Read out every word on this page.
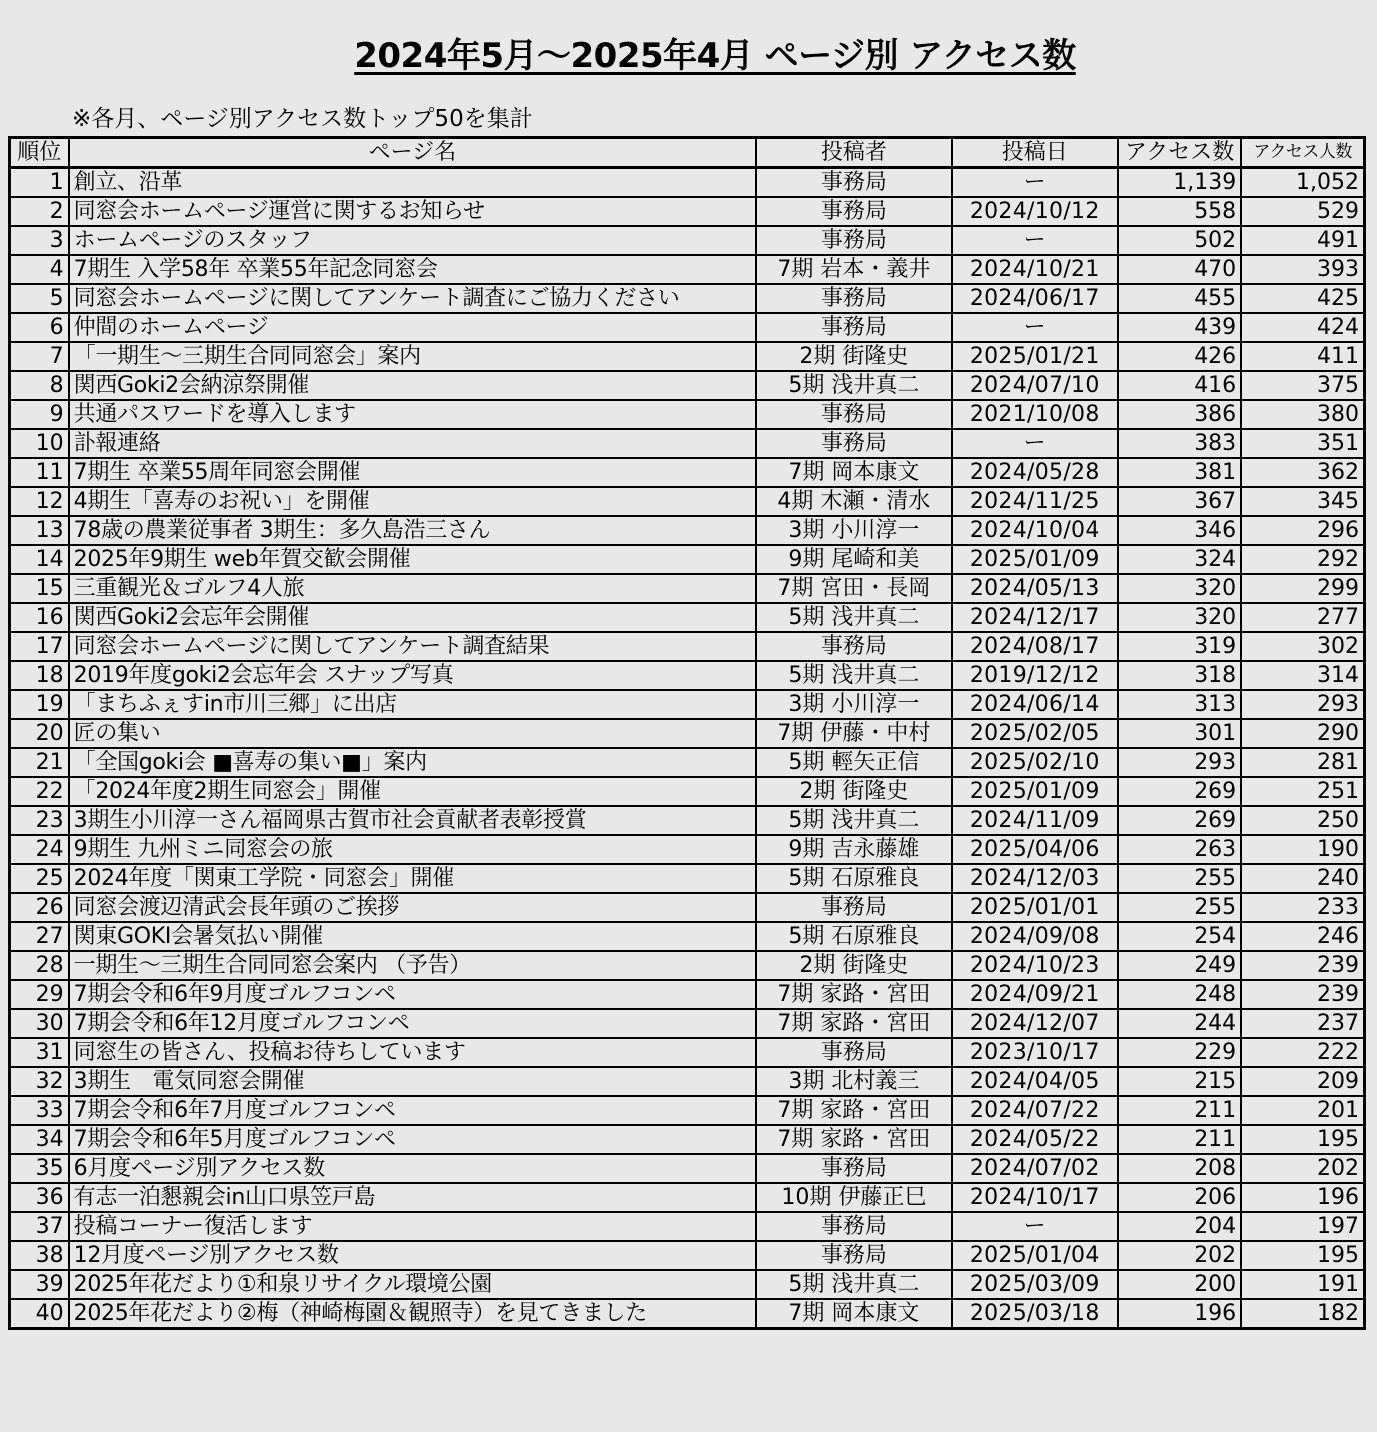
2024年5月～2025年4月 ページ別 アクセス数
※各月、ページ別アクセス数トップ50を集計
順位	ページ名	投稿者	投稿日	アクセス数	アクセス人数
1	創立、沿革	事務局	ー	1,139	1,052
2	同窓会ホームページ運営に関するお知らせ	事務局	2024/10/12	558	529
3	ホームページのスタッフ	事務局	ー	502	491
4	7期生 入学58年 卒業55年記念同窓会	7期 岩本・義井	2024/10/21	470	393
5	同窓会ホームページに関してアンケート調査にご協力ください	事務局	2024/06/17	455	425
6	仲間のホームページ	事務局	ー	439	424
7	「一期生～三期生合同同窓会」案内	2期 街隆史	2025/01/21	426	411
8	関西Goki2会納涼祭開催	5期 浅井真二	2024/07/10	416	375
9	共通パスワードを導入します	事務局	2021/10/08	386	380
10	訃報連絡	事務局	ー	383	351
11	7期生 卒業55周年同窓会開催	7期 岡本康文	2024/05/28	381	362
12	4期生「喜寿のお祝い」を開催	4期 木瀬・清水	2024/11/25	367	345
13	78歳の農業従事者 3期生：多久島浩三さん	3期 小川淳一	2024/10/04	346	296
14	2025年9期生 web年賀交歓会開催	9期 尾崎和美	2025/01/09	324	292
15	三重観光＆ゴルフ4人旅	7期 宮田・長岡	2024/05/13	320	299
16	関西Goki2会忘年会開催	5期 浅井真二	2024/12/17	320	277
17	同窓会ホームページに関してアンケート調査結果	事務局	2024/08/17	319	302
18	2019年度goki2会忘年会 スナップ写真	5期 浅井真二	2019/12/12	318	314
19	「まちふぇすin市川三郷」に出店	3期 小川淳一	2024/06/14	313	293
20	匠の集い	7期 伊藤・中村	2025/02/05	301	290
21	「全国goki会 ■喜寿の集い■」案内	5期 輕矢正信	2025/02/10	293	281
22	「2024年度2期生同窓会」開催	2期 街隆史	2025/01/09	269	251
23	3期生小川淳一さん福岡県古賀市社会貢献者表彰授賞	5期 浅井真二	2024/11/09	269	250
24	9期生 九州ミニ同窓会の旅	9期 吉永藤雄	2025/04/06	263	190
25	2024年度「関東工学院・同窓会」開催	5期 石原雅良	2024/12/03	255	240
26	同窓会渡辺清武会長年頭のご挨拶	事務局	2025/01/01	255	233
27	関東GOKI会暑気払い開催	5期 石原雅良	2024/09/08	254	246
28	一期生～三期生合同同窓会案内 （予告）	2期 街隆史	2024/10/23	249	239
29	7期会令和6年9月度ゴルフコンペ	7期 家路・宮田	2024/09/21	248	239
30	7期会令和6年12月度ゴルフコンペ	7期 家路・宮田	2024/12/07	244	237
31	同窓生の皆さん、投稿お待ちしています	事務局	2023/10/17	229	222
32	3期生　電気同窓会開催	3期 北村義三	2024/04/05	215	209
33	7期会令和6年7月度ゴルフコンペ	7期 家路・宮田	2024/07/22	211	201
34	7期会令和6年5月度ゴルフコンペ	7期 家路・宮田	2024/05/22	211	195
35	6月度ページ別アクセス数	事務局	2024/07/02	208	202
36	有志一泊懇親会in山口県笠戸島	10期 伊藤正巳	2024/10/17	206	196
37	投稿コーナー復活します	事務局	ー	204	197
38	12月度ページ別アクセス数	事務局	2025/01/04	202	195
39	2025年花だより①和泉リサイクル環境公園	5期 浅井真二	2025/03/09	200	191
40	2025年花だより②梅（神崎梅園＆観照寺）を見てきました	7期 岡本康文	2025/03/18	196	182
